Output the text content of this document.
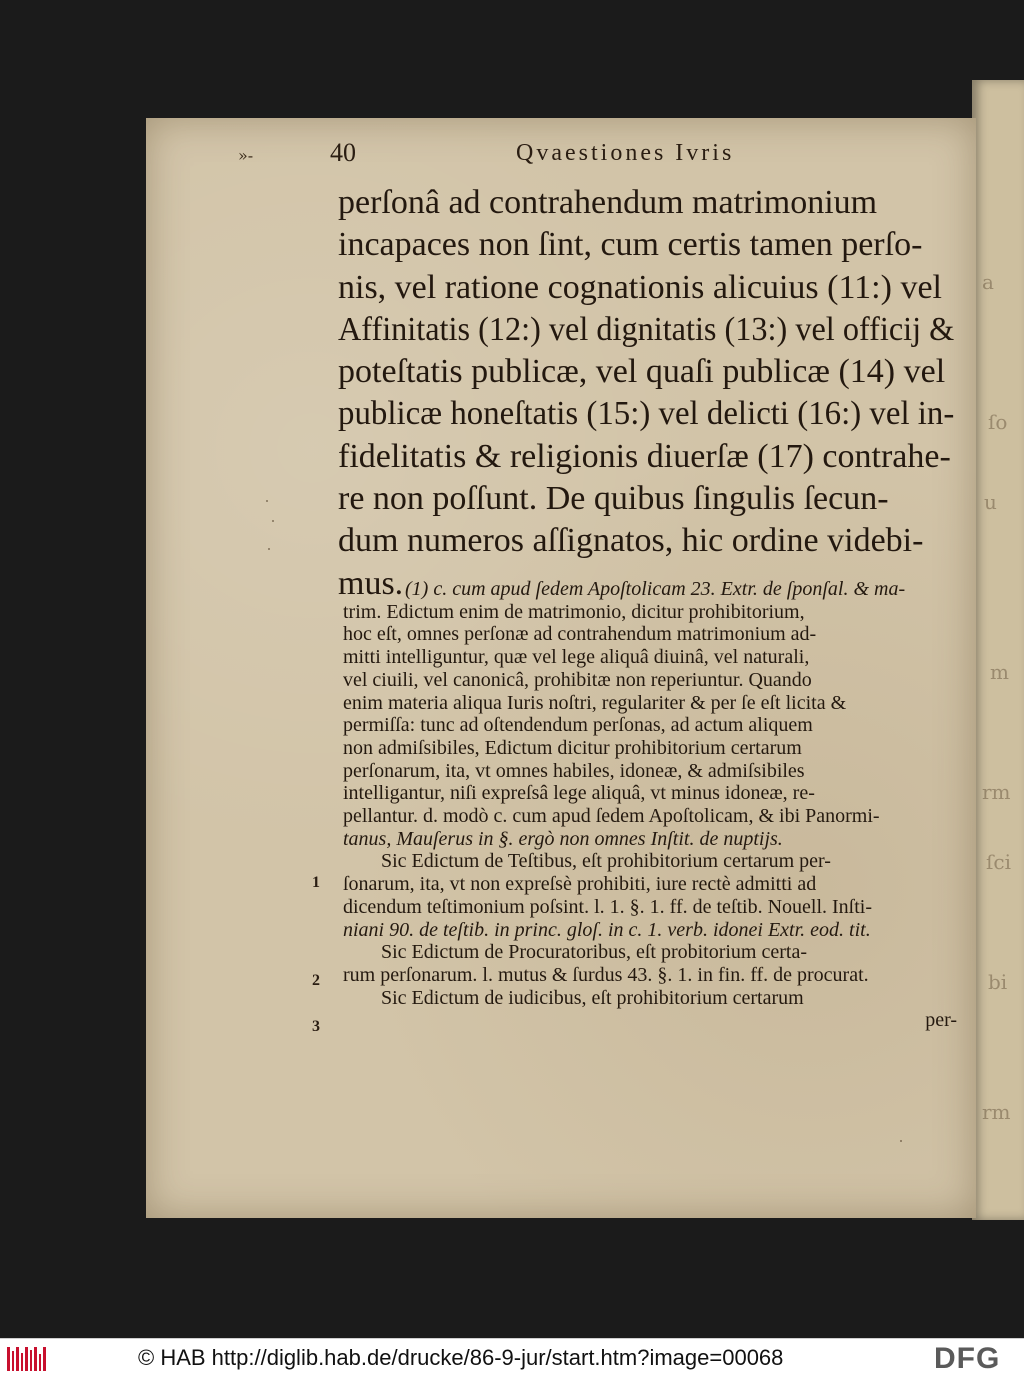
a
ſo
u
m
rm
ſci
bi
rm
»-	40	Qvaestiones Ivris
perſonâ ad contrahendum matrimonium
incapaces non ſint, cum certis tamen perſo-
nis, vel ratione cognationis alicuius (11:) vel
Affinitatis (12:) vel dignitatis (13:) vel officij &
poteſtatis publicæ, vel quaſi publicæ (14) vel
publicæ honeſtatis (15:) vel delicti (16:) vel in-
fidelitatis & religionis diuerſæ (17) contrahe-
re non poſſunt. De quibus ſingulis ſecun-
dum numeros aſſignatos, hic ordine videbi-
mus. (1) c. cum apud ſedem Apoſtolicam 23. Extr. de ſponſal. & ma-
trim. Edictum enim de matrimonio, dicitur prohibitorium,
hoc eſt, omnes perſonæ ad contrahendum matrimonium ad-
mitti intelliguntur, quæ vel lege aliquâ diuinâ, vel naturali,
vel ciuili, vel canonicâ, prohibitæ non reperiuntur. Quando
enim materia aliqua Iuris noſtri, regulariter & per ſe eſt licita &
permiſſa: tunc ad oſtendendum perſonas, ad actum aliquem
non admiſsibiles, Edictum dicitur prohibitorium certarum
perſonarum, ita, vt omnes habiles, idoneæ, & admiſsibiles
intelligantur, niſi expreſsâ lege aliquâ, vt minus idoneæ, re-
pellantur. d. modò c. cum apud ſedem Apoſtolicam, & ibi Panormi-
tanus, Mauſerus in §. ergò non omnes Inſtit. de nuptijs.
Sic Edictum de Teſtibus, eſt prohibitorium certarum per-
ſonarum, ita, vt non expreſsè prohibiti, iure rectè admitti ad
dicendum teſtimonium poſsint. l. 1. §. 1. ff. de teſtib. Nouell. Inſti-
niani 90. de teſtib. in princ. gloſ. in c. 1. verb. idonei Extr. eod. tit.
Sic Edictum de Procuratoribus, eſt probitorium certa-
rum perſonarum. l. mutus & ſurdus 43. §. 1. in fin. ff. de procurat.
Sic Edictum de iudicibus, eſt prohibitorium certarum
per-
1
2
3
© HAB http://diglib.hab.de/drucke/86-9-jur/start.htm?image=00068	DFG
